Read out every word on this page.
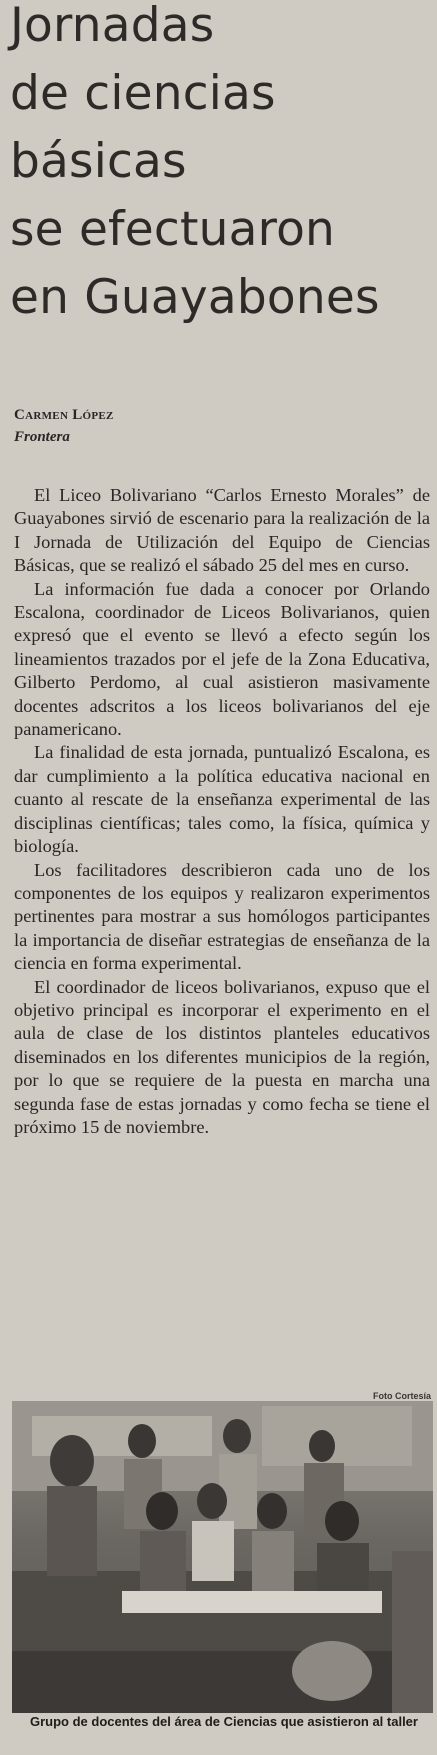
Jornadas
de ciencias
básicas
se efectuaron
en Guayabones
Carmen López
Frontera

El Liceo Bolivariano “Carlos Ernesto Morales” de Guayabones sirvió de escenario para la realización de la I Jornada de Utilización del Equipo de Ciencias Básicas, que se realizó el sábado 25 del mes en curso.

La información fue dada a conocer por Orlando Escalona, coordinador de Liceos Bolivarianos, quien expresó que el evento se llevó a efecto según los lineamientos trazados por el jefe de la Zona Educativa, Gilberto Perdomo, al cual asistieron masivamente docentes adscritos a los liceos bolivarianos del eje panamericano.

La finalidad de esta jornada, puntualizó Escalona, es dar cumplimiento a la política educativa nacional en cuanto al rescate de la enseñanza experimental de las disciplinas científicas; tales como, la física, química y biología.

Los facilitadores describieron cada uno de los componentes de los equipos y realizaron experimentos pertinentes para mostrar a sus homólogos participantes la importancia de diseñar estrategias de enseñanza de la ciencia en forma experimental.

El coordinador de liceos bolivarianos, expuso que el objetivo principal es incorporar el experimento en el aula de clase de los distintos planteles educativos diseminados en los diferentes municipios de la región, por lo que se requiere de la puesta en marcha una segunda fase de estas jornadas y como fecha se tiene el próximo 15 de noviembre.

Foto Cortesía
Grupo de docentes del área de Ciencias que asistieron al taller
